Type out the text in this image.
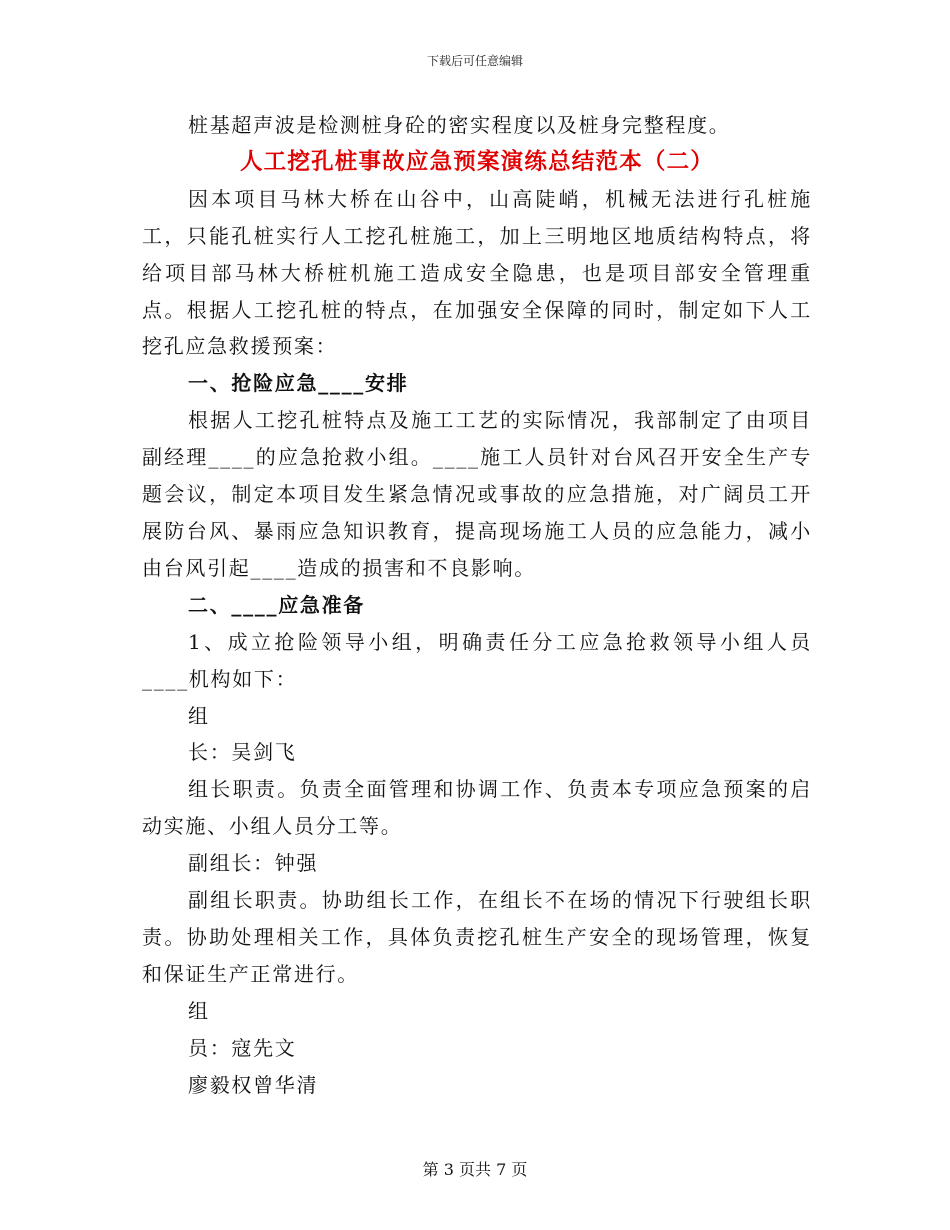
下载后可任意编辑

桩基超声波是检测桩身砼的密实程度以及桩身完整程度。

人工挖孔桩事故应急预案演练总结范本（二）

因本项目马林大桥在山谷中，山高陡峭，机械无法进行孔桩施工，只能孔桩实行人工挖孔桩施工，加上三明地区地质结构特点，将给项目部马林大桥桩机施工造成安全隐患，也是项目部安全管理重点。根据人工挖孔桩的特点，在加强安全保障的同时，制定如下人工挖孔应急救援预案：

一、抢险应急____安排

根据人工挖孔桩特点及施工工艺的实际情况，我部制定了由项目副经理____的应急抢救小组。____施工人员针对台风召开安全生产专题会议，制定本项目发生紧急情况或事故的应急措施，对广阔员工开展防台风、暴雨应急知识教育，提高现场施工人员的应急能力，减小由台风引起____造成的损害和不良影响。

二、____应急准备

1、成立抢险领导小组，明确责任分工应急抢救领导小组人员____机构如下：

组

长：吴剑飞

组长职责。负责全面管理和协调工作、负责本专项应急预案的启动实施、小组人员分工等。

副组长：钟强

副组长职责。协助组长工作，在组长不在场的情况下行驶组长职责。协助处理相关工作，具体负责挖孔桩生产安全的现场管理，恢复和保证生产正常进行。

组

员：寇先文

廖毅权曾华清

第 3 页共 7 页
